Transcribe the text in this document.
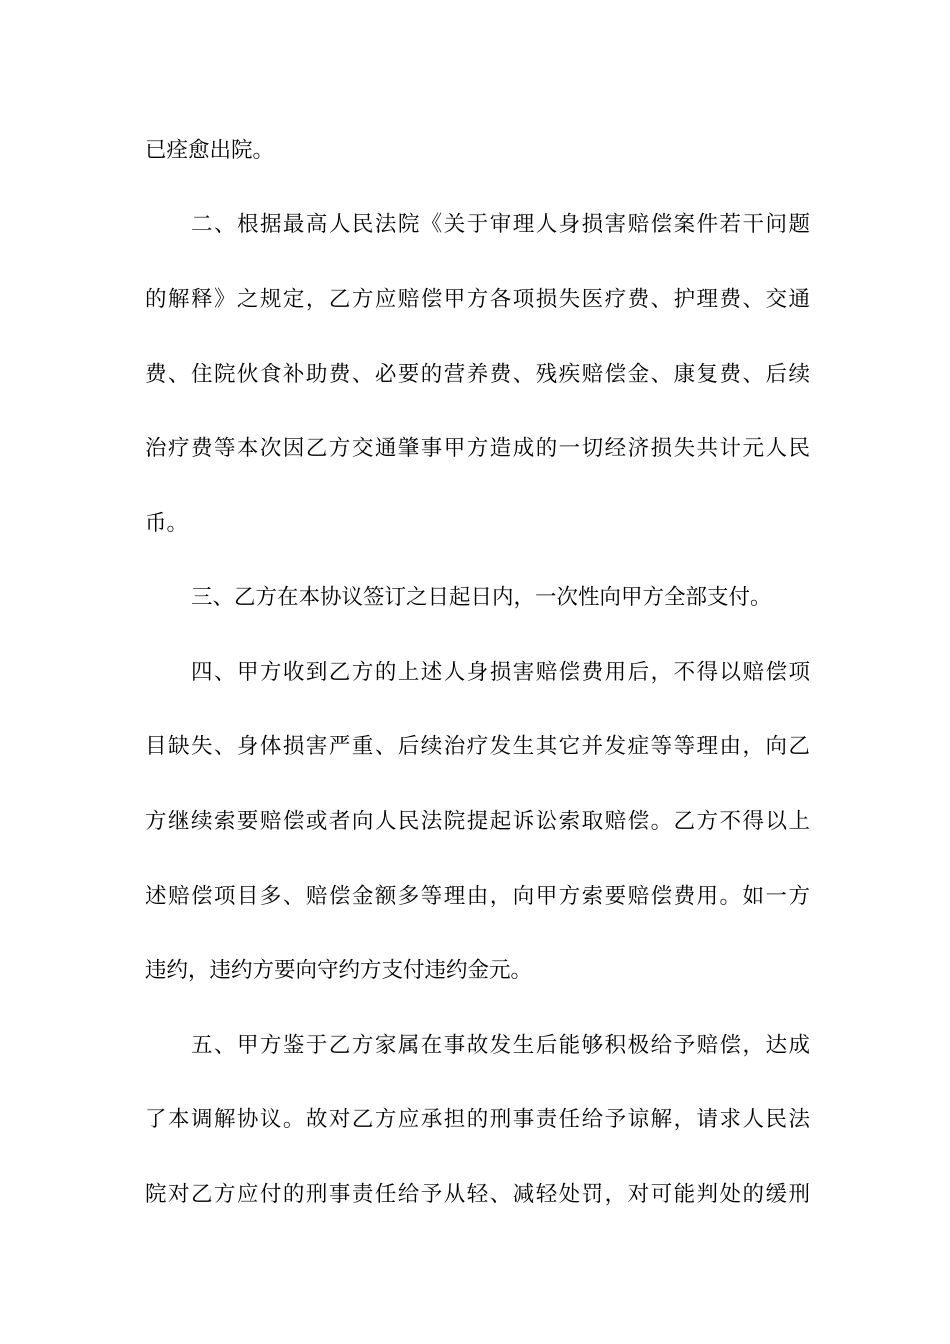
已痊愈出院。
二、根据最高人民法院《关于审理人身损害赔偿案件若干问题
的解释》之规定，乙方应赔偿甲方各项损失医疗费、护理费、交通
费、住院伙食补助费、必要的营养费、残疾赔偿金、康复费、后续
治疗费等本次因乙方交通肇事甲方造成的一切经济损失共计元人民
币。
三、乙方在本协议签订之日起日内，一次性向甲方全部支付。
四、甲方收到乙方的上述人身损害赔偿费用后，不得以赔偿项
目缺失、身体损害严重、后续治疗发生其它并发症等等理由，向乙
方继续索要赔偿或者向人民法院提起诉讼索取赔偿。乙方不得以上
述赔偿项目多、赔偿金额多等理由，向甲方索要赔偿费用。如一方
违约，违约方要向守约方支付违约金元。
五、甲方鉴于乙方家属在事故发生后能够积极给予赔偿，达成
了本调解协议。故对乙方应承担的刑事责任给予谅解，请求人民法
院对乙方应付的刑事责任给予从轻、减轻处罚，对可能判处的缓刑
